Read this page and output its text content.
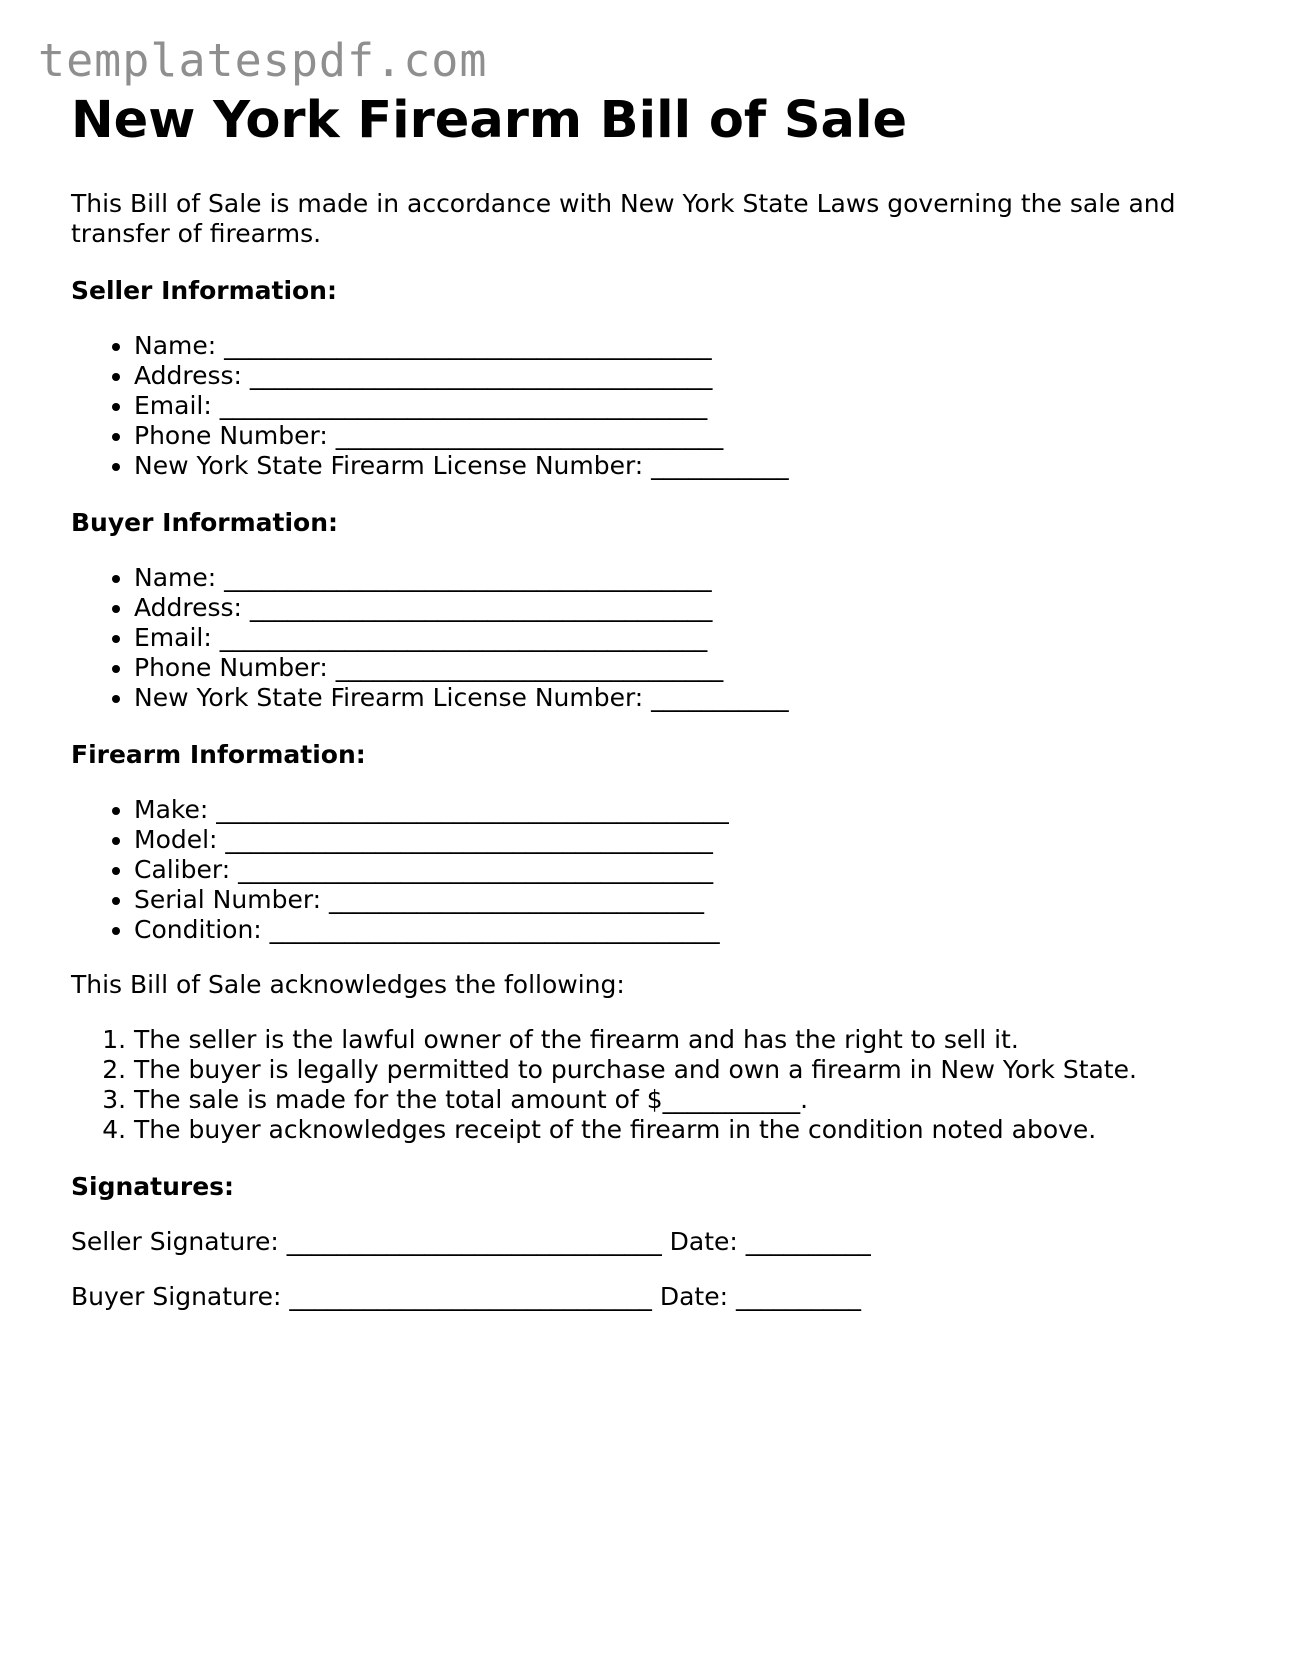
templatespdf.com
New York Firearm Bill of Sale

This Bill of Sale is made in accordance with New York State Laws governing the sale and transfer of firearms.

Seller Information:
• Name: _______________________________________
• Address: _____________________________________
• Email: _______________________________________
• Phone Number: _______________________________
• New York State Firearm License Number: ___________
Buyer Information:
• Name: _______________________________________
• Address: _____________________________________
• Email: _______________________________________
• Phone Number: _______________________________
• New York State Firearm License Number: ___________
Firearm Information:
• Make: _________________________________________
• Model: _______________________________________
• Caliber: ______________________________________
• Serial Number: ______________________________
• Condition: ____________________________________

This Bill of Sale acknowledges the following:

1. The seller is the lawful owner of the firearm and has the right to sell it.
2. The buyer is legally permitted to purchase and own a firearm in New York State.
3. The sale is made for the total amount of $___________.
4. The buyer acknowledges receipt of the firearm in the condition noted above.
Signatures:

Seller Signature: ______________________________ Date: __________

Buyer Signature: _____________________________ Date: __________
